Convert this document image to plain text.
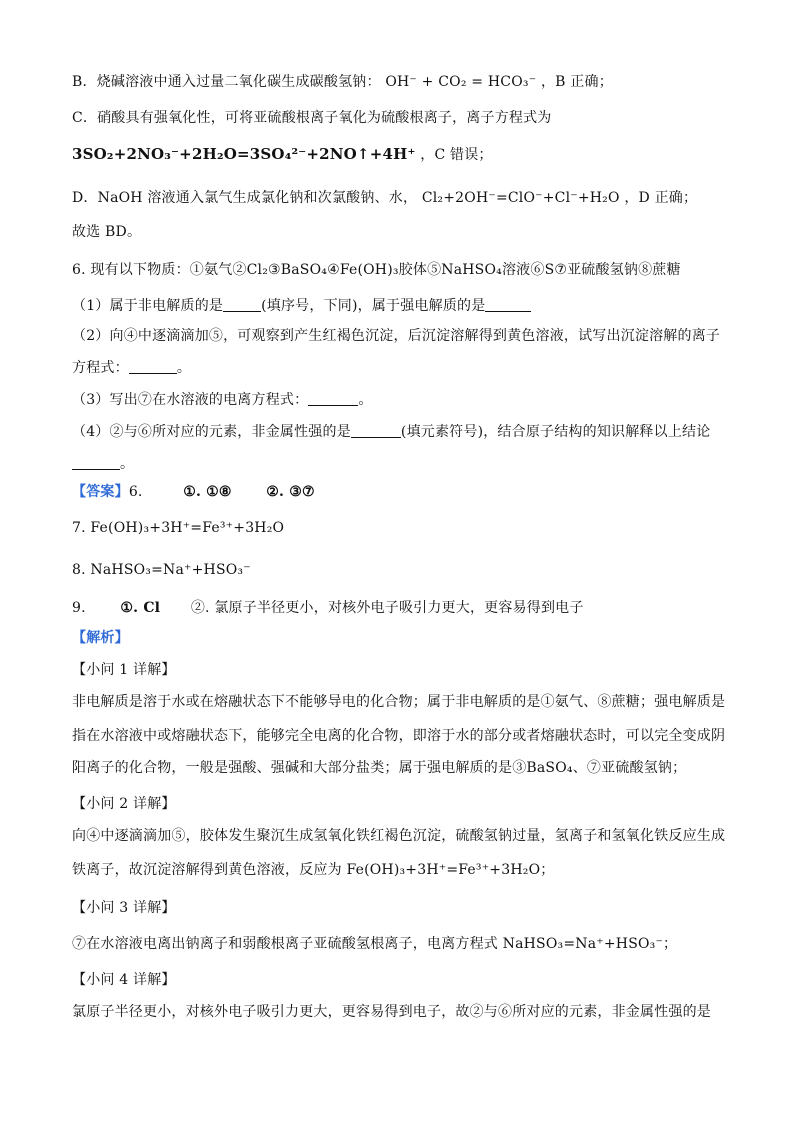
B．烧碱溶液中通入过量二氧化碳生成碳酸氢钠： OH⁻ + CO₂ = HCO₃⁻ ，B 正确；
C．硝酸具有强氧化性，可将亚硫酸根离子氧化为硫酸根离子，离子方程式为
3SO₂+2NO₃⁻+2H₂O=3SO₄²⁻+2NO↑+4H⁺ ，C 错误；
D．NaOH 溶液通入氯气生成氯化钠和次氯酸钠、水， Cl₂+2OH⁻=ClO⁻+Cl⁻+H₂O ，D 正确；
故选 BD。
6. 现有以下物质：①氨气②Cl₂③BaSO₄④Fe(OH)₃胶体⑤NaHSO₄溶液⑥S⑦亚硫酸氢钠⑧蔗糖
（1）属于非电解质的是	(填序号，下同)，属于强电解质的是
（2）向④中逐滴滴加⑤，可观察到产生红褐色沉淀，后沉淀溶解得到黄色溶液，试写出沉淀溶解的离子
方程式：	。
（3）写出⑦在水溶液的电离方程式：	。
（4）②与⑥所对应的元素，非金属性强的是	(填元素符号)，结合原子结构的知识解释以上结论
。
【答案】6.	①. ①⑧ ②. ③⑦
7. Fe(OH)₃+3H⁺=Fe³⁺+3H₂O
8. NaHSO₃=Na⁺+HSO₃⁻
9. ①. Cl ②. 氯原子半径更小，对核外电子吸引力更大，更容易得到电子
【解析】
【小问 1 详解】
非电解质是溶于水或在熔融状态下不能够导电的化合物；属于非电解质的是①氨气、⑧蔗糖；强电解质是
指在水溶液中或熔融状态下，能够完全电离的化合物，即溶于水的部分或者熔融状态时，可以完全变成阴
阳离子的化合物，一般是强酸、强碱和大部分盐类；属于强电解质的是③BaSO₄、⑦亚硫酸氢钠；
【小问 2 详解】
向④中逐滴滴加⑤，胶体发生聚沉生成氢氧化铁红褐色沉淀，硫酸氢钠过量，氢离子和氢氧化铁反应生成
铁离子，故沉淀溶解得到黄色溶液，反应为 Fe(OH)₃+3H⁺=Fe³⁺+3H₂O；
【小问 3 详解】
⑦在水溶液电离出钠离子和弱酸根离子亚硫酸氢根离子，电离方程式 NaHSO₃=Na⁺+HSO₃⁻；
【小问 4 详解】
氯原子半径更小，对核外电子吸引力更大，更容易得到电子，故②与⑥所对应的元素，非金属性强的是
